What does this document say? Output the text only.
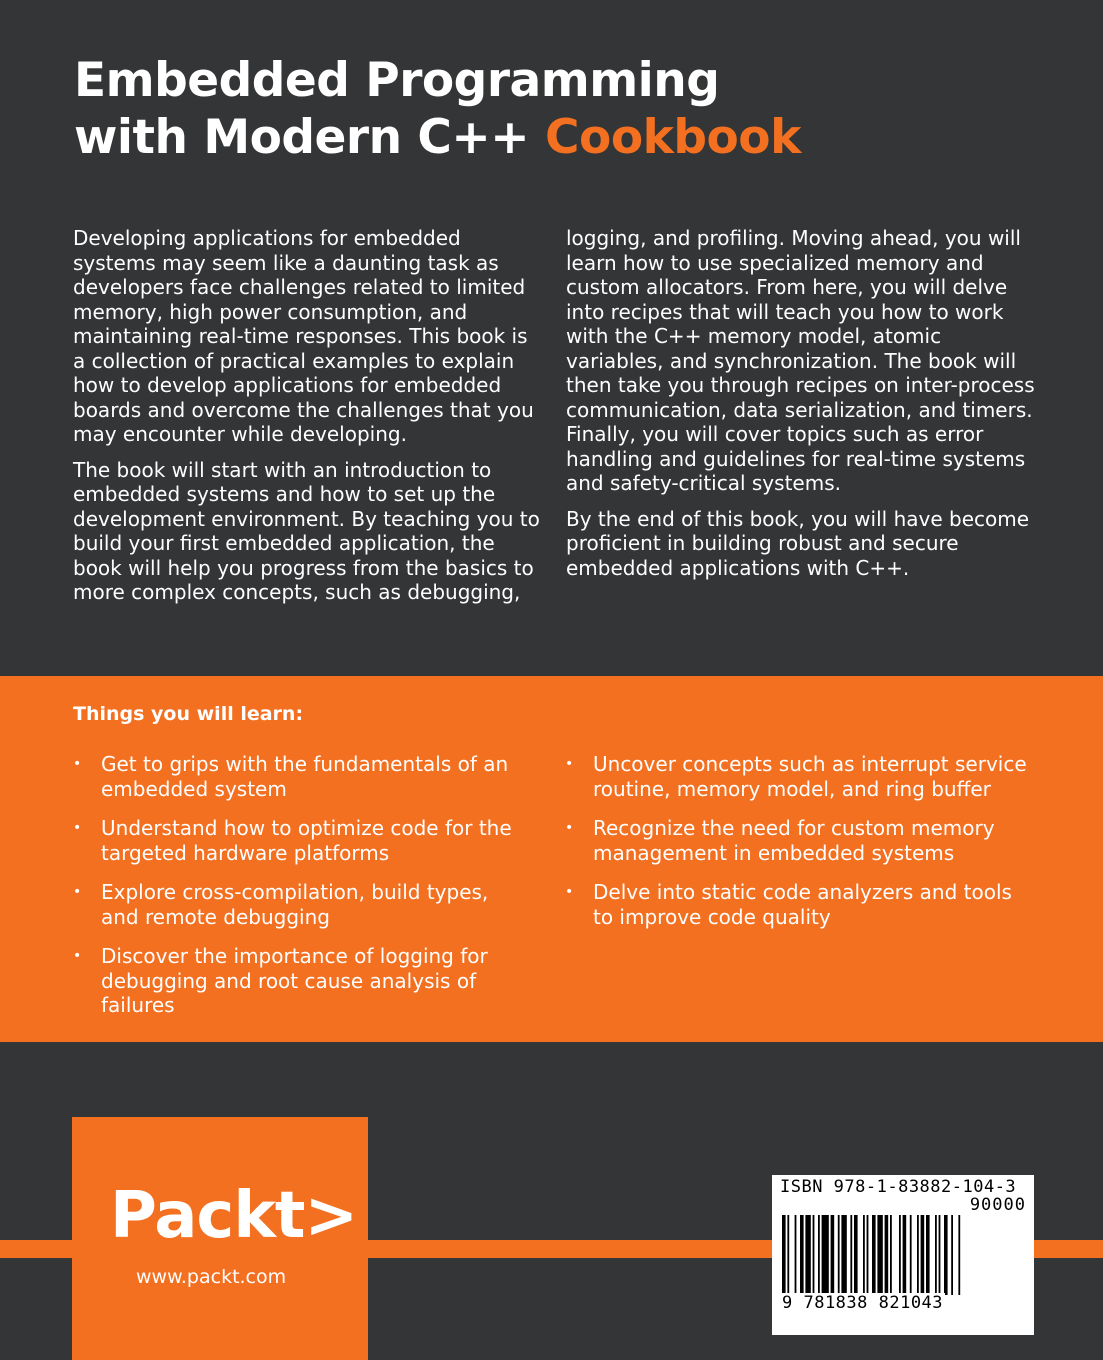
Embedded Programming
with Modern C++ Cookbook

Developing applications for embedded systems may seem like a daunting task as developers face challenges related to limited memory, high power consumption, and maintaining real-time responses. This book is a collection of practical examples to explain how to develop applications for embedded boards and overcome the challenges that you may encounter while developing.

The book will start with an introduction to embedded systems and how to set up the development environment. By teaching you to build your first embedded application, the book will help you progress from the basics to more complex concepts, such as debugging,

logging, and profiling. Moving ahead, you will learn how to use specialized memory and custom allocators. From here, you will delve into recipes that will teach you how to work with the C++ memory model, atomic variables, and synchronization. The book will then take you through recipes on inter-process communication, data serialization, and timers. Finally, you will cover topics such as error handling and guidelines for real-time systems and safety-critical systems.

By the end of this book, you will have become proficient in building robust and secure embedded applications with C++.

Things you will learn:
• Get to grips with the fundamentals of an embedded system
• Understand how to optimize code for the targeted hardware platforms
• Explore cross-compilation, build types, and remote debugging
• Discover the importance of logging for debugging and root cause analysis of failures
• Uncover concepts such as interrupt service routine, memory model, and ring buffer
• Recognize the need for custom memory management in embedded systems
• Delve into static code analyzers and tools to improve code quality
Packt>
www.packt.com
ISBN 978-1-83882-104-3
90000
9 781838 821043
